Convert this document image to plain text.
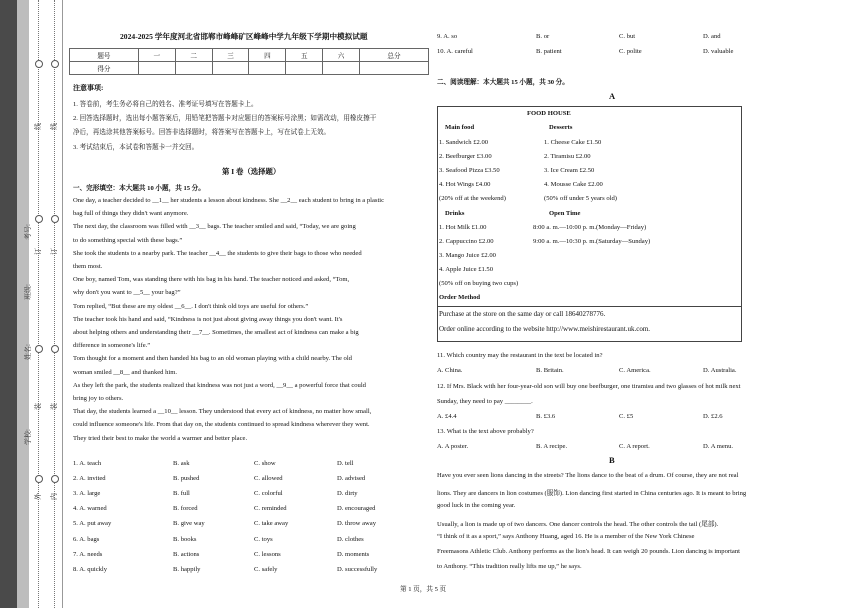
线
订
装
外
线
订
装
内
学校:
姓名:
班级:
考号:
2024-2025 学年度河北省邯郸市峰峰矿区峰峰中学九年级下学期中模拟试题
题号	一	二	三	四	五	六	总分
得分							
注意事项:
1. 答卷前，考生务必将自己的姓名、准考证号填写在答题卡上。
2. 回答选择题时，选出每小题答案后，用铅笔把答题卡对应题目的答案标号涂黑；如需改动，用橡皮擦干
净后，再选涂其他答案标号。回答非选择题时，将答案写在答题卡上，写在试卷上无效。
3. 考试结束后，本试卷和答题卡一并交回。
第 I 卷（选择题）
一、完形填空：本大题共 10 小题，共 15 分。
One day, a teacher decided to __1__ her students a lesson about kindness. She __2__ each student to bring in a plastic
bag full of things they didn't want anymore.
The next day, the classroom was filled with __3__ bags. The teacher smiled and said, “Today, we are going
to do something special with these bags.”
She took the students to a nearby park. The teacher __4__ the students to give their bags to those who needed
them most.
One boy, named Tom, was standing there with his bag in his hand. The teacher noticed and asked, “Tom,
why don't you want to __5__ your bag?”
Tom replied, “But these are my oldest __6__. I don't think old toys are useful for others.”
The teacher took his hand and said, “Kindness is not just about giving away things you don't want. It's
about helping others and understanding their __7__. Sometimes, the smallest act of kindness can make a big
difference in someone's life.”
Tom thought for a moment and then handed his bag to an old woman playing with a child nearby. The old
woman smiled __8__ and thanked him.
As they left the park, the students realized that kindness was not just a word, __9__ a powerful force that could
bring joy to others.
That day, the students learned a __10__ lesson. They understood that every act of kindness, no matter how small,
could influence someone's life. From that day on, the students continued to spread kindness wherever they went.
They tried their best to make the world a warmer and better place.
1. A. teach	B. ask	C. show	D. tell
2. A. invited	B. pushed	C. allowed	D. advised
3. A. large	B. full	C. colorful	D. dirty
4. A. warned	B. forced	C. reminded	D. encouraged
5. A. put away	B. give way	C. take away	D. throw away
6. A. bags	B. books	C. toys	D. clothes
7. A. needs	B. actions	C. lessons	D. moments
8. A. quickly	B. happily	C. safely	D. successfully
9. A. so	B. or	C. but	D. and
10. A. careful	B. patient	C. polite	D. valuable
二、阅读理解：本大题共 15 小题，共 30 分。
A
FOOD HOUSE
Main food	Desserts
1. Sandwich £2.00	1. Cheese Cake £1.50
2. Beefburger £3.00	2. Tiramisu £2.00
3. Seafood Pizza £3.50	3. Ice Cream £2.50
4. Hot Wings £4.00	4. Mousse Cake £2.00
(20% off at the weekend)	(50% off under 5 years old)
Drinks	Open Time
1. Hot Milk £1.00	8:00 a. m.—10:00 p. m.(Monday—Friday)
2. Cappuccino £2.00	9:00 a. m.—10:30 p. m.(Saturday—Sunday)
3. Mango Juice £2.00
4. Apple Juice £1.50
(50% off on buying two cups)
Order Method
Purchase at the store on the same day or call 18640278776.
Order online according to the website http://www.meishirestaurant.uk.com.
11. Which country may the restaurant in the text be located in?
A. China.	B. Britain.	C. America.	D. Australia.
12. If Mrs. Black with her four-year-old son will buy one beefburger, one tiramisu and two glasses of hot milk next
Sunday, they need to pay ________.
A. £4.4	B. £3.6	C. £5	D. £2.6
13. What is the text above probably?
A. A poster.	B. A recipe.	C. A report.	D. A menu.
B
Have you ever seen lions dancing in the streets? The lions dance to the beat of a drum. Of course, they are not real
lions. They are dancers in lion costumes (服饰). Lion dancing first started in China centuries ago. It is meant to bring
good luck in the coming year.
Usually, a lion is made up of two dancers. One dancer controls the head. The other controls the tail (尾部).
“I think of it as a sport,” says Anthony Huang, aged 16. He is a member of the New York Chinese
Freemasons Athletic Club. Anthony performs as the lion's head. It can weigh 20 pounds. Lion dancing is important
to Anthony. “This tradition really lifts me up,” he says.
第 1 页，共 5 页
